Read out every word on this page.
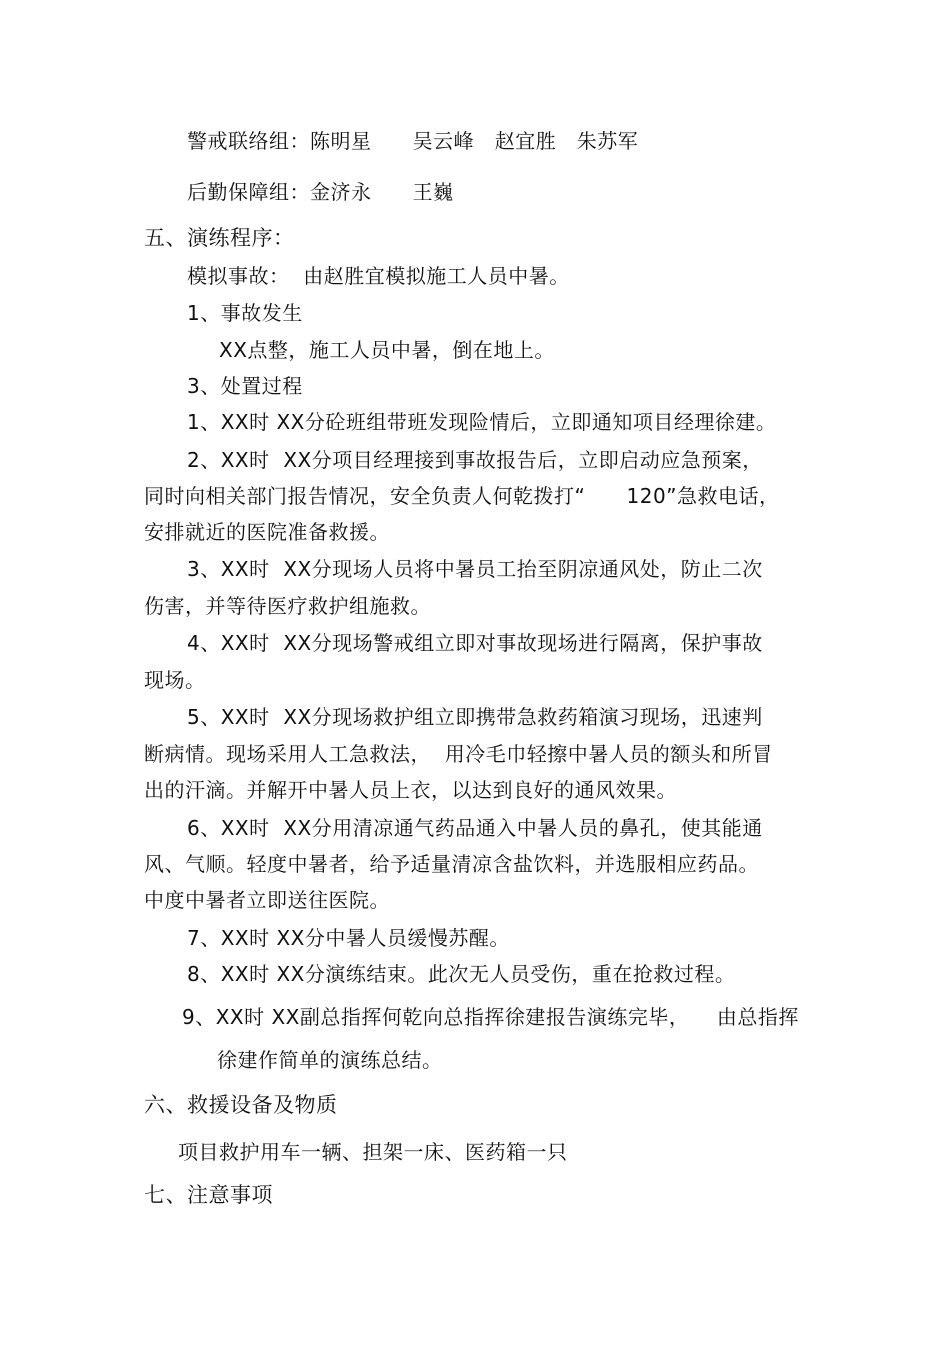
警戒联络组：陈明星      吴云峰   赵宜胜   朱苏军
后勤保障组：金济永      王巍
五、演练程序：
模拟事故：  由赵胜宜模拟施工人员中暑。
1、事故发生
XX点整，施工人员中暑，倒在地上。
3、处置过程
1、XX时 XX分砼班组带班发现险情后，立即通知项目经理徐建。
2、XX时  XX分项目经理接到事故报告后，立即启动应急预案，
同时向相关部门报告情况，安全负责人何乾拨打“      120”急救电话，
安排就近的医院准备救援。
3、XX时  XX分现场人员将中暑员工抬至阴凉通风处，防止二次
伤害，并等待医疗救护组施救。
4、XX时  XX分现场警戒组立即对事故现场进行隔离，保护事故
现场。
5、XX时  XX分现场救护组立即携带急救药箱演习现场，迅速判
断病情。现场采用人工急救法，  用冷毛巾轻擦中暑人员的额头和所冒
出的汗滴。并解开中暑人员上衣，以达到良好的通风效果。
6、XX时  XX分用清凉通气药品通入中暑人员的鼻孔，使其能通
风、气顺。轻度中暑者，给予适量清凉含盐饮料，并选服相应药品。
中度中暑者立即送往医院。
7、XX时 XX分中暑人员缓慢苏醒。
8、XX时 XX分演练结束。此次无人员受伤，重在抢救过程。
9、XX时 XX副总指挥何乾向总指挥徐建报告演练完毕，    由总指挥
徐建作简单的演练总结。
六、救援设备及物质
项目救护用车一辆、担架一床、医药箱一只
七、注意事项
